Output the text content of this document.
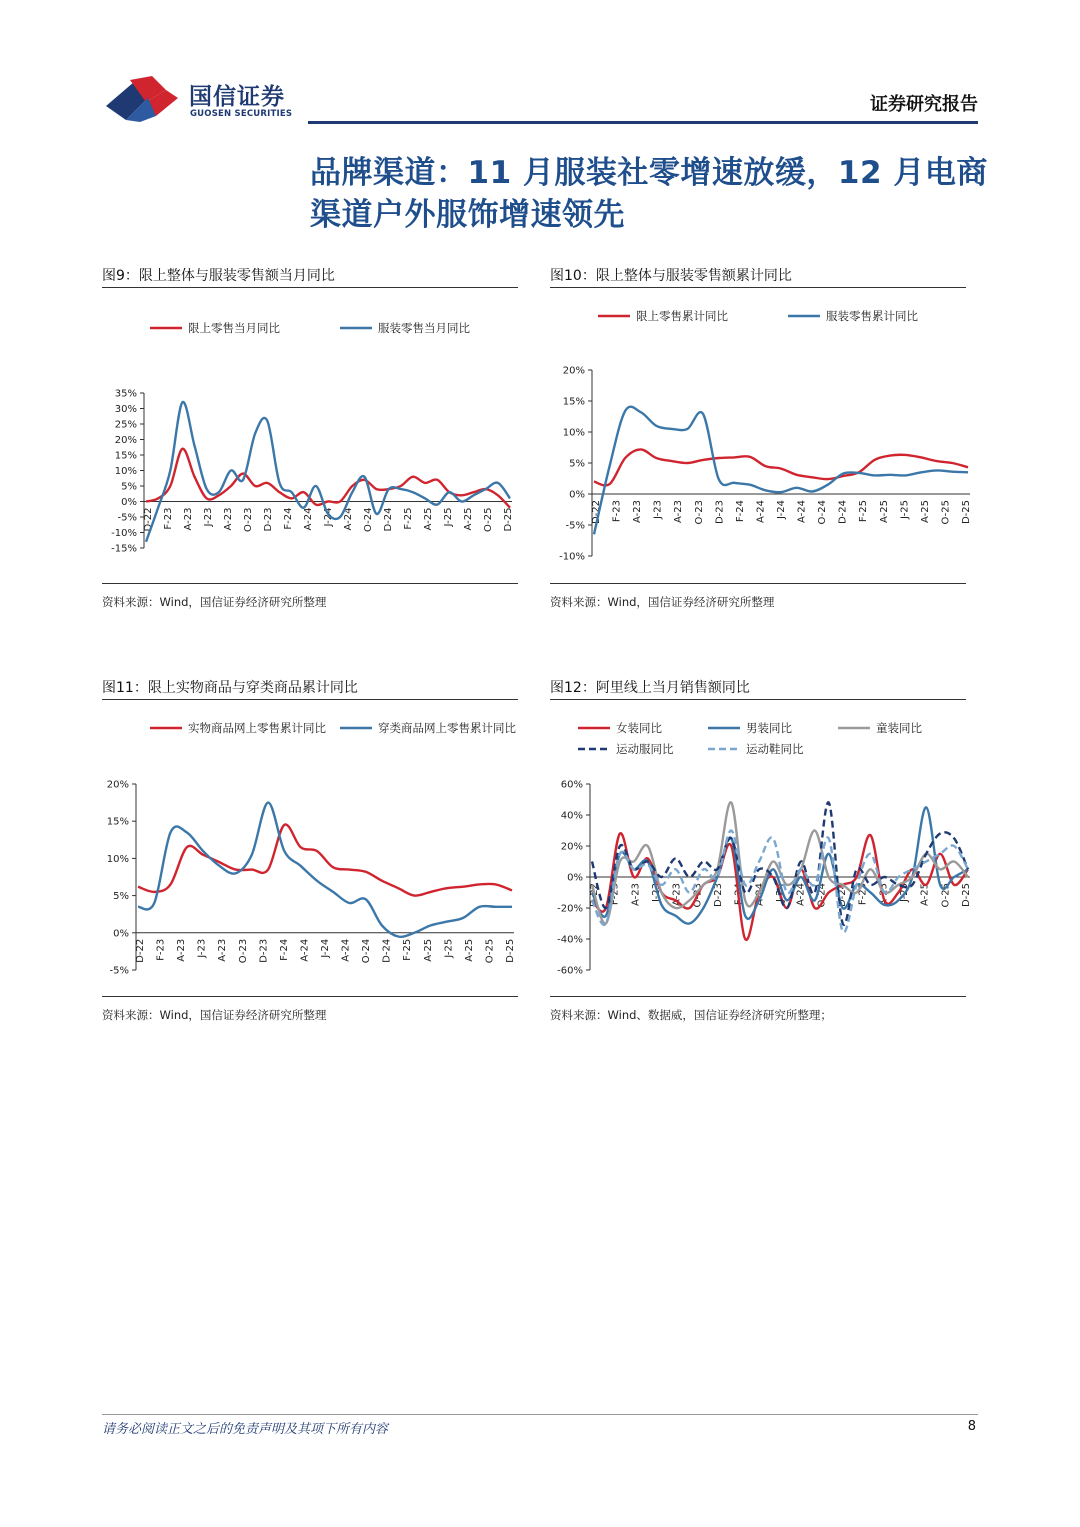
国信证券
GUOSEN SECURITIES	证券研究报告
品牌渠道：11 月服装社零增速放缓，12 月电商渠道户外服饰增速领先
图9：限上整体与服装零售额当月同比
35%
30%
25%
20%
15%
10%
5%
0%
-5%
-10%
-15%
D-22 F-23 A-23 J-23 A-23 O-23 D-23 F-24 A-24 J-24 A-24 O-24 D-24 F-25 A-25 J-25 A-25 O-25 D-25
限上零售当月同比	服装零售当月同比
资料来源：Wind，国信证券经济研究所整理
图10：限上整体与服装零售额累计同比
20%
15%
10%
5%
0%
-5%
-10%
D-22 F-23 A-23 J-23 A-23 O-23 D-23 F-24 A-24 J-24 A-24 O-24 D-24 F-25 A-25 J-25 A-25 O-25 D-25
限上零售累计同比	服装零售累计同比
资料来源：Wind，国信证券经济研究所整理
图11：限上实物商品与穿类商品累计同比
20%
15%
10%
5%
0%
-5%
D-22 F-23 A-23 J-23 A-23 O-23 D-23 F-24 A-24 J-24 A-24 O-24 D-24 F-25 A-25 J-25 A-25 O-25 D-25
实物商品网上零售累计同比	穿类商品网上零售累计同比
资料来源：Wind，国信证券经济研究所整理
图12：阿里线上当月销售额同比
60%
40%
20%
0%
-20%
-40%
-60%
D-22 F-23 A-23 J-23 A-23 O-23 D-23 F-24 A-24 J-24 A-24 O-24 D-24 F-25 A-25 J-25 A-25 O-25 D-25
女装同比	男装同比	童装同比
运动服同比	运动鞋同比
资料来源：Wind、数据威，国信证券经济研究所整理；
请务必阅读正文之后的免责声明及其项下所有内容	8
